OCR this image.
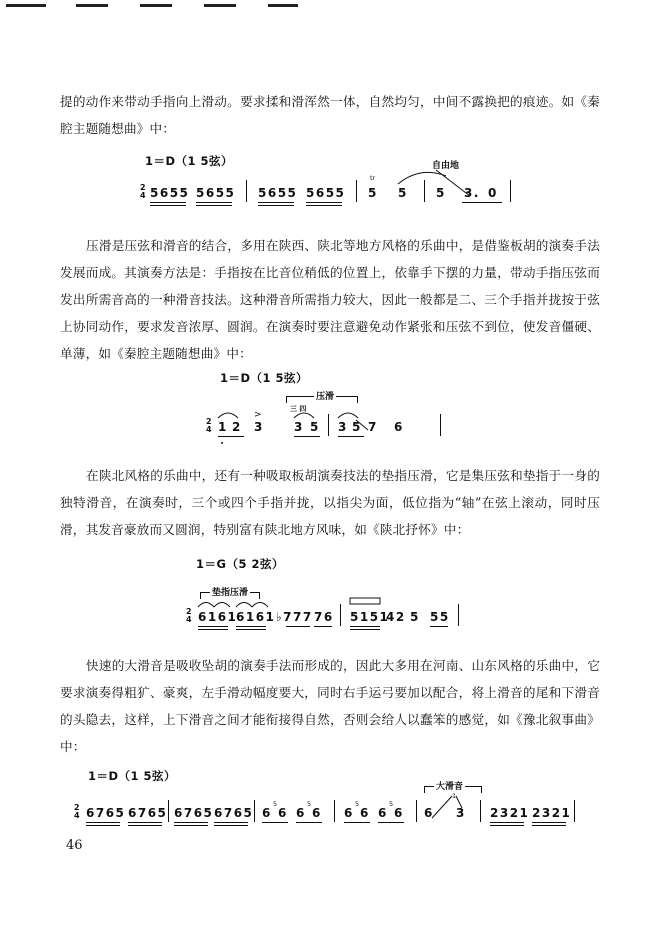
提的动作来带动手指向上滑动。要求揉和滑浑然一体，自然均匀，中间不露换把的痕迹。如《秦腔主题随想曲》中：
1＝D（1 5弦）	自由地
2
4 5655 5655 5655 5655
tr
5 5 5 3. 0
压滑是压弦和滑音的结合，多用在陕西、陕北等地方风格的乐曲中，是借鉴板胡的演奏手法发展而成。其演奏方法是：手指按在比音位稍低的位置上，依靠手下摆的力量，带动手指压弦而发出所需音高的一种滑音技法。这种滑音所需指力较大，因此一般都是二、三个手指并拢按于弦上协同动作，要求发音浓厚、圆润。在演奏时要注意避免动作紧张和压弦不到位，使发音僵硬、单薄，如《秦腔主题随想曲》中：
1＝D（1 5弦）
压滑
三 四
2
4 1 2 3
>
3 5 3 5 7 6
在陕北风格的乐曲中，还有一种吸取板胡演奏技法的垫指压滑，它是集压弦和垫指于一身的独特滑音，在演奏时，三个或四个手指并拢，以指尖为面，低位指为“轴”在弦上滚动，同时压滑，其发音豪放而又圆润，特别富有陕北地方风味，如《陕北抒怀》中：
1＝G（5 2弦）
垫指压滑
2
4 6161
6161 ♭777 76 5151
42 5 55
快速的大滑音是吸收坠胡的演奏手法而形成的，因此大多用在河南、山东风格的乐曲中，它要求演奏得粗犷、豪爽，左手滑动幅度要大，同时右手运弓要加以配合，将上滑音的尾和下滑音的头隐去，这样，上下滑音之间才能衔接得自然，否则会给人以蠢笨的感觉，如《豫北叙事曲》中：
1＝D（1 5弦）
大滑音
2
4 6765 6765 6765 6765 6
5
6 6
5
6 6
5
6 6
5
6 6
1
3 2321 2321
46
